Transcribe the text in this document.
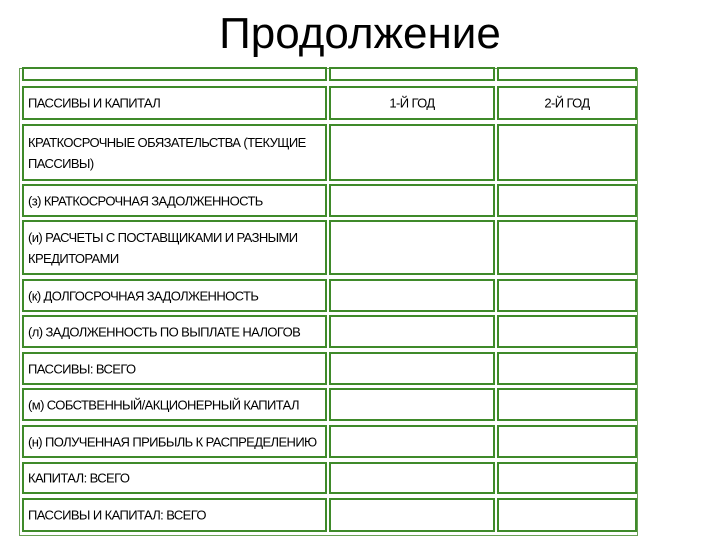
Продолжение
ПАССИВЫ И КАПИТАЛ	1-Й ГОД	2-Й ГОД
КРАТКОСРОЧНЫЕ ОБЯЗАТЕЛЬСТВА (ТЕКУЩИЕ ПАССИВЫ)
(з) КРАТКОСРОЧНАЯ ЗАДОЛЖЕННОСТЬ
(и) РАСЧЕТЫ С ПОСТАВЩИКАМИ И РАЗНЫМИ КРЕДИТОРАМИ
(к) ДОЛГОСРОЧНАЯ ЗАДОЛЖЕННОСТЬ
(л) ЗАДОЛЖЕННОСТЬ ПО ВЫПЛАТЕ НАЛОГОВ
ПАССИВЫ: ВСЕГО
(м) СОБСТВЕННЫЙ/АКЦИОНЕРНЫЙ КАПИТАЛ
(н) ПОЛУЧЕННАЯ ПРИБЫЛЬ К РАСПРЕДЕЛЕНИЮ
КАПИТАЛ: ВСЕГО
ПАССИВЫ И КАПИТАЛ: ВСЕГО
